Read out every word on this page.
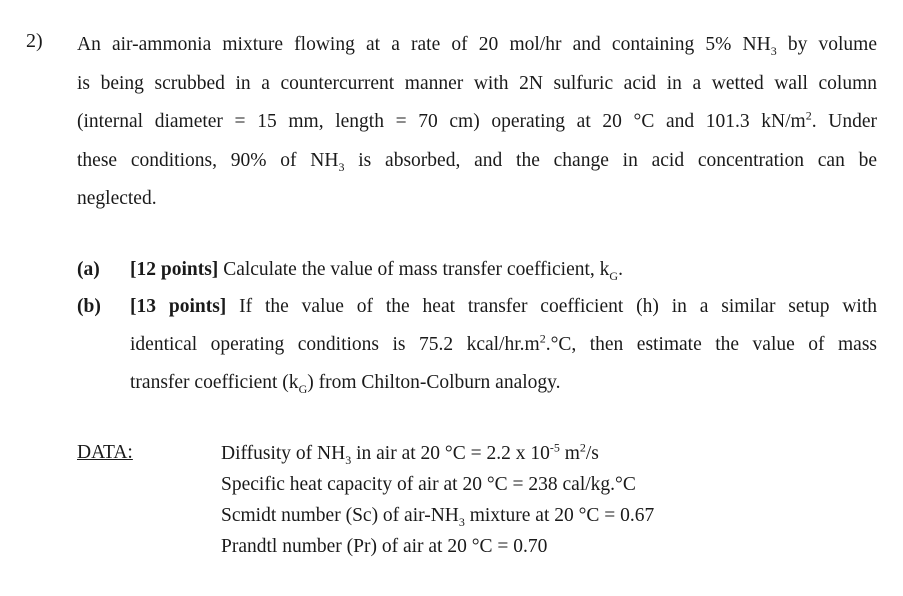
2) An air-ammonia mixture flowing at a rate of 20 mol/hr and containing 5% $NH_3$ by volume
is being scrubbed in a countercurrent manner with 2N sulfuric acid in a wetted wall column
(internal diameter = 15 mm, length = 70 cm) operating at 20 °C and 101.3 $kN/m^2$. Under
these conditions, 90% of $NH_3$ is absorbed, and the change in acid concentration can be
neglected.
(a) [12 points] Calculate the value of mass transfer coefficient, $k_G$.
(b) [13 points] If the value of the heat transfer coefficient (h) in a similar setup with
identical operating conditions is 75.2 kcal/$hr.m^2.^\circ C$, then estimate the value of mass
transfer coefficient $(k_G)$ from Chilton-Colburn analogy.
DATA:	Diffusity of $NH_3$ in air at 20 °C = 2.2 x $10^{-5}$ $m^2/s$
Specific heat capacity of air at 20 °C = 238 cal/kg.°C
Scmidt number (Sc) of air-$NH_3$ mixture at 20 °C = 0.67
Prandtl number (Pr) of air at 20 °C = 0.70
